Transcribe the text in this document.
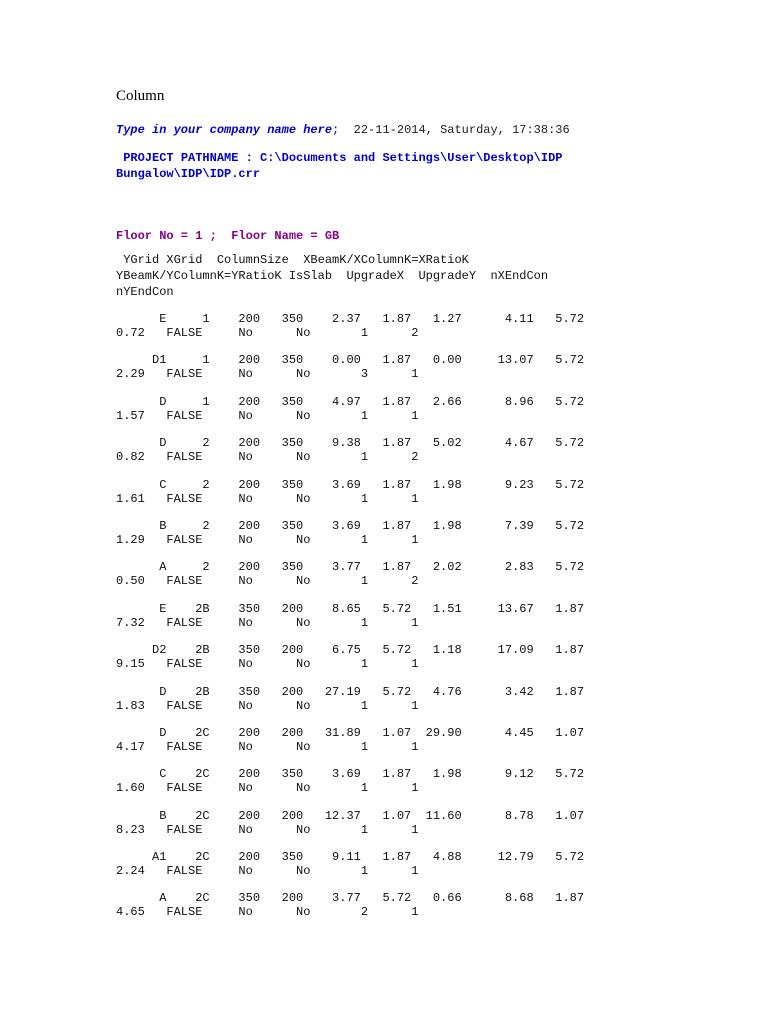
Column
Type in your company name here; 22-11-2014, Saturday, 17:38:36
PROJECT PATHNAME : C:\Documents and Settings\User\Desktop\IDP
Bungalow\IDP\IDP.crr
Floor No = 1 ;  Floor Name = GB
YGrid XGrid  ColumnSize  XBeamK/XColumnK=XRatioK
YBeamK/YColumnK=YRatioK IsSlab  UpgradeX  UpgradeY  nXEndCon
nYEndCon
E     1    200   350    2.37   1.87   1.27      4.11   5.72
0.72   FALSE     No      No       1      2
D1     1    200   350    0.00   1.87   0.00     13.07   5.72
2.29   FALSE     No      No       3      1
D     1    200   350    4.97   1.87   2.66      8.96   5.72
1.57   FALSE     No      No       1      1
D     2    200   350    9.38   1.87   5.02      4.67   5.72
0.82   FALSE     No      No       1      2
C     2    200   350    3.69   1.87   1.98      9.23   5.72
1.61   FALSE     No      No       1      1
B     2    200   350    3.69   1.87   1.98      7.39   5.72
1.29   FALSE     No      No       1      1
A     2    200   350    3.77   1.87   2.02      2.83   5.72
0.50   FALSE     No      No       1      2
E    2B    350   200    8.65   5.72   1.51     13.67   1.87
7.32   FALSE     No      No       1      1
D2    2B    350   200    6.75   5.72   1.18     17.09   1.87
9.15   FALSE     No      No       1      1
D    2B    350   200   27.19   5.72   4.76      3.42   1.87
1.83   FALSE     No      No       1      1
D    2C    200   200   31.89   1.07  29.90      4.45   1.07
4.17   FALSE     No      No       1      1
C    2C    200   350    3.69   1.87   1.98      9.12   5.72
1.60   FALSE     No      No       1      1
B    2C    200   200   12.37   1.07  11.60      8.78   1.07
8.23   FALSE     No      No       1      1
A1    2C    200   350    9.11   1.87   4.88     12.79   5.72
2.24   FALSE     No      No       1      1
A    2C    350   200    3.77   5.72   0.66      8.68   1.87
4.65   FALSE     No      No       2      1
